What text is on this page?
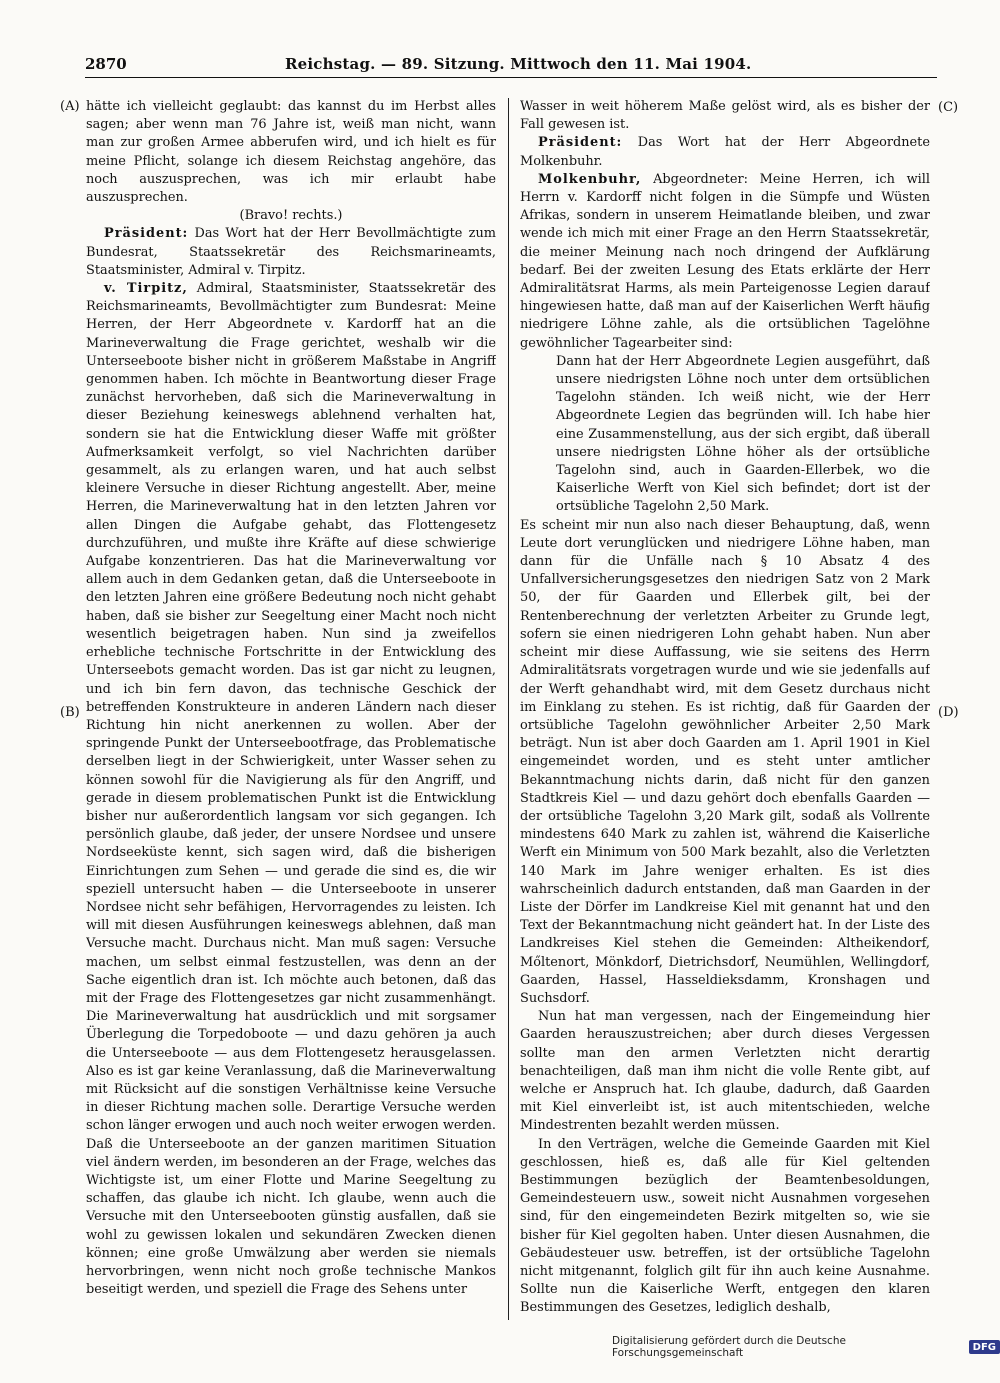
2870	Reichstag. — 89. Sitzung. Mittwoch den 11. Mai 1904.
(A)
(B)
(C)
(D)

hätte ich vielleicht geglaubt: das kannst du im Herbst alles sagen; aber wenn man 76 Jahre ist, weiß man nicht, wann man zur großen Armee abberufen wird, und ich hielt es für meine Pflicht, solange ich diesem Reichstag angehöre, das noch auszusprechen, was ich mir erlaubt habe auszusprechen.

(Bravo! rechts.)

Präsident: Das Wort hat der Herr Bevollmächtigte zum Bundesrat, Staatssekretär des Reichsmarineamts, Staatsminister, Admiral v. Tirpitz.

v. Tirpitz, Admiral, Staatsminister, Staatssekretär des Reichsmarineamts, Bevollmächtigter zum Bundesrat: Meine Herren, der Herr Abgeordnete v. Kardorff hat an die Marineverwaltung die Frage gerichtet, weshalb wir die Unterseeboote bisher nicht in größerem Maßstabe in Angriff genommen haben. Ich möchte in Beantwortung dieser Frage zunächst hervorheben, daß sich die Marineverwaltung in dieser Beziehung keineswegs ablehnend verhalten hat, sondern sie hat die Entwicklung dieser Waffe mit größter Aufmerksamkeit verfolgt, so viel Nachrichten darüber gesammelt, als zu erlangen waren, und hat auch selbst kleinere Versuche in dieser Richtung angestellt. Aber, meine Herren, die Marineverwaltung hat in den letzten Jahren vor allen Dingen die Aufgabe gehabt, das Flottengesetz durchzuführen, und mußte ihre Kräfte auf diese schwierige Aufgabe konzentrieren. Das hat die Marineverwaltung vor allem auch in dem Gedanken getan, daß die Unterseeboote in den letzten Jahren eine größere Bedeutung noch nicht gehabt haben, daß sie bisher zur Seegeltung einer Macht noch nicht wesentlich beigetragen haben. Nun sind ja zweifellos erhebliche technische Fortschritte in der Entwicklung des Unterseebots gemacht worden. Das ist gar nicht zu leugnen, und ich bin fern davon, das technische Geschick der betreffenden Konstrukteure in anderen Ländern nach dieser Richtung hin nicht anerkennen zu wollen. Aber der springende Punkt der Unterseebootfrage, das Problematische derselben liegt in der Schwierigkeit, unter Wasser sehen zu können sowohl für die Navigierung als für den Angriff, und gerade in diesem problematischen Punkt ist die Entwicklung bisher nur außerordentlich langsam vor sich gegangen. Ich persönlich glaube, daß jeder, der unsere Nordsee und unsere Nordseeküste kennt, sich sagen wird, daß die bisherigen Einrichtungen zum Sehen — und gerade die sind es, die wir speziell untersucht haben — die Unterseeboote in unserer Nordsee nicht sehr befähigen, Hervorragendes zu leisten. Ich will mit diesen Ausführungen keineswegs ablehnen, daß man Versuche macht. Durchaus nicht. Man muß sagen: Versuche machen, um selbst einmal festzustellen, was denn an der Sache eigentlich dran ist. Ich möchte auch betonen, daß das mit der Frage des Flottengesetzes gar nicht zusammenhängt. Die Marineverwaltung hat ausdrücklich und mit sorgsamer Überlegung die Torpedoboote — und dazu gehören ja auch die Unterseeboote — aus dem Flottengesetz herausgelassen. Also es ist gar keine Veranlassung, daß die Marineverwaltung mit Rücksicht auf die sonstigen Verhältnisse keine Versuche in dieser Richtung machen solle. Derartige Versuche werden schon länger erwogen und auch noch weiter erwogen werden. Daß die Unterseeboote an der ganzen maritimen Situation viel ändern werden, im besonderen an der Frage, welches das Wichtigste ist, um einer Flotte und Marine Seegeltung zu schaffen, das glaube ich nicht. Ich glaube, wenn auch die Versuche mit den Unterseebooten günstig ausfallen, daß sie wohl zu gewissen lokalen und sekundären Zwecken dienen können; eine große Umwälzung aber werden sie niemals hervorbringen, wenn nicht noch große technische Mankos beseitigt werden, und speziell die Frage des Sehens unter

Wasser in weit höherem Maße gelöst wird, als es bisher der Fall gewesen ist.

Präsident: Das Wort hat der Herr Abgeordnete Molkenbuhr.

Molkenbuhr, Abgeordneter: Meine Herren, ich will Herrn v. Kardorff nicht folgen in die Sümpfe und Wüsten Afrikas, sondern in unserem Heimatlande bleiben, und zwar wende ich mich mit einer Frage an den Herrn Staatssekretär, die meiner Meinung nach noch dringend der Aufklärung bedarf. Bei der zweiten Lesung des Etats erklärte der Herr Admiralitätsrat Harms, als mein Parteigenosse Legien darauf hingewiesen hatte, daß man auf der Kaiserlichen Werft häufig niedrigere Löhne zahle, als die ortsüblichen Tagelöhne gewöhnlicher Tagearbeiter sind:

Dann hat der Herr Abgeordnete Legien ausgeführt, daß unsere niedrigsten Löhne noch unter dem ortsüblichen Tagelohn ständen. Ich weiß nicht, wie der Herr Abgeordnete Legien das begründen will. Ich habe hier eine Zusammenstellung, aus der sich ergibt, daß überall unsere niedrigsten Löhne höher als der ortsübliche Tagelohn sind, auch in Gaarden-Ellerbek, wo die Kaiserliche Werft von Kiel sich befindet; dort ist der ortsübliche Tagelohn 2,50 Mark.

Es scheint mir nun also nach dieser Behauptung, daß, wenn Leute dort verunglücken und niedrigere Löhne haben, man dann für die Unfälle nach § 10 Absatz 4 des Unfallversicherungsgesetzes den niedrigen Satz von 2 Mark 50, der für Gaarden und Ellerbek gilt, bei der Rentenberechnung der verletzten Arbeiter zu Grunde legt, sofern sie einen niedrigeren Lohn gehabt haben. Nun aber scheint mir diese Auffassung, wie sie seitens des Herrn Admiralitätsrats vorgetragen wurde und wie sie jedenfalls auf der Werft gehandhabt wird, mit dem Gesetz durchaus nicht im Einklang zu stehen. Es ist richtig, daß für Gaarden der ortsübliche Tagelohn gewöhnlicher Arbeiter 2,50 Mark beträgt. Nun ist aber doch Gaarden am 1. April 1901 in Kiel eingemeindet worden, und es steht unter amtlicher Bekanntmachung nichts darin, daß nicht für den ganzen Stadtkreis Kiel — und dazu gehört doch ebenfalls Gaarden — der ortsübliche Tagelohn 3,20 Mark gilt, sodaß als Vollrente mindestens 640 Mark zu zahlen ist, während die Kaiserliche Werft ein Minimum von 500 Mark bezahlt, also die Verletzten 140 Mark im Jahre weniger erhalten. Es ist dies wahrscheinlich dadurch entstanden, daß man Gaarden in der Liste der Dörfer im Landkreise Kiel mit genannt hat und den Text der Bekanntmachung nicht geändert hat. In der Liste des Landkreises Kiel stehen die Gemeinden: Altheikendorf, Mőltenort, Mönkdorf, Dietrichsdorf, Neumühlen, Wellingdorf, Gaarden, Hassel, Hasseldieksdamm, Kronshagen und Suchsdorf.

Nun hat man vergessen, nach der Eingemeindung hier Gaarden herauszustreichen; aber durch dieses Vergessen sollte man den armen Verletzten nicht derartig benachteiligen, daß man ihm nicht die volle Rente gibt, auf welche er Anspruch hat. Ich glaube, dadurch, daß Gaarden mit Kiel einverleibt ist, ist auch mitentschieden, welche Mindestrenten bezahlt werden müssen.

In den Verträgen, welche die Gemeinde Gaarden mit Kiel geschlossen, hieß es, daß alle für Kiel geltenden Bestimmungen bezüglich der Beamtenbesoldungen, Gemeindesteuern usw., soweit nicht Ausnahmen vorgesehen sind, für den eingemeindeten Bezirk mitgelten so, wie sie bisher für Kiel gegolten haben. Unter diesen Ausnahmen, die Gebäudesteuer usw. betreffen, ist der ortsübliche Tagelohn nicht mitgenannt, folglich gilt für ihn auch keine Ausnahme. Sollte nun die Kaiserliche Werft, entgegen den klaren Bestimmungen des Gesetzes, lediglich deshalb,

Digitalisierung gefördert durch die Deutsche Forschungsgemeinschaft	DFG
